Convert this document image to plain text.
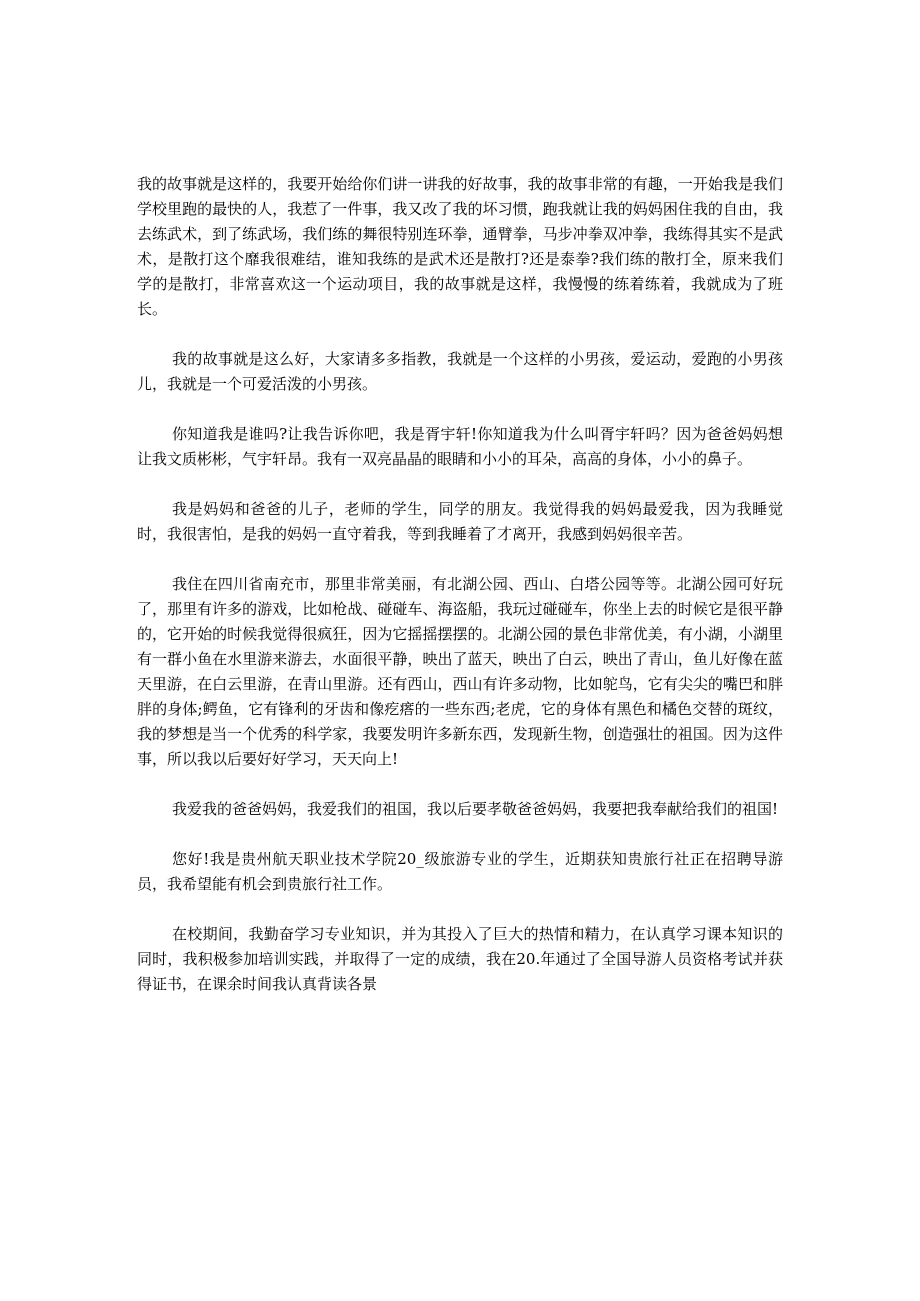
我的故事就是这样的，我要开始给你们讲一讲我的好故事，我的故事非常的有趣，一开始我是我们学校里跑的最快的人，我惹了一件事，我又改了我的坏习惯，跑我就让我的妈妈困住我的自由，我去练武术，到了练武场，我们练的舞很特别连环拳，通臂拳，马步冲拳双冲拳，我练得其实不是武术，是散打这个靡我很难结，谁知我练的是武术还是散打?还是泰拳?我们练的散打全，原来我们学的是散打，非常喜欢这一个运动项目，我的故事就是这样，我慢慢的练着练着，我就成为了班长。

我的故事就是这么好，大家请多多指教，我就是一个这样的小男孩，爱运动，爱跑的小男孩儿，我就是一个可爱活泼的小男孩。

你知道我是谁吗?让我告诉你吧，我是胥宇轩!你知道我为什么叫胥宇轩吗？因为爸爸妈妈想让我文质彬彬，气宇轩昂。我有一双亮晶晶的眼睛和小小的耳朵，高高的身体，小小的鼻子。

我是妈妈和爸爸的儿子，老师的学生，同学的朋友。我觉得我的妈妈最爱我，因为我睡觉时，我很害怕，是我的妈妈一直守着我，等到我睡着了才离开，我感到妈妈很辛苦。

我住在四川省南充市，那里非常美丽，有北湖公园、西山、白塔公园等等。北湖公园可好玩了，那里有许多的游戏，比如枪战、碰碰车、海盗船，我玩过碰碰车，你坐上去的时候它是很平静的，它开始的时候我觉得很疯狂，因为它摇摇摆摆的。北湖公园的景色非常优美，有小湖，小湖里有一群小鱼在水里游来游去，水面很平静，映出了蓝天，映出了白云，映出了青山，鱼儿好像在蓝天里游，在白云里游，在青山里游。还有西山，西山有许多动物，比如鸵鸟，它有尖尖的嘴巴和胖胖的身体;鳄鱼，它有锋利的牙齿和像疙瘩的一些东西;老虎，它的身体有黑色和橘色交替的斑纹，我的梦想是当一个优秀的科学家，我要发明许多新东西，发现新生物，创造强壮的祖国。因为这件事，所以我以后要好好学习，天天向上!

我爱我的爸爸妈妈，我爱我们的祖国，我以后要孝敬爸爸妈妈，我要把我奉献给我们的祖国!

您好!我是贵州航天职业技术学院20_级旅游专业的学生，近期获知贵旅行社正在招聘导游员，我希望能有机会到贵旅行社工作。

在校期间，我勤奋学习专业知识，并为其投入了巨大的热情和精力，在认真学习课本知识的同时，我积极参加培训实践，并取得了一定的成绩，我在20.年通过了全国导游人员资格考试并获得证书，在课余时间我认真背读各景
